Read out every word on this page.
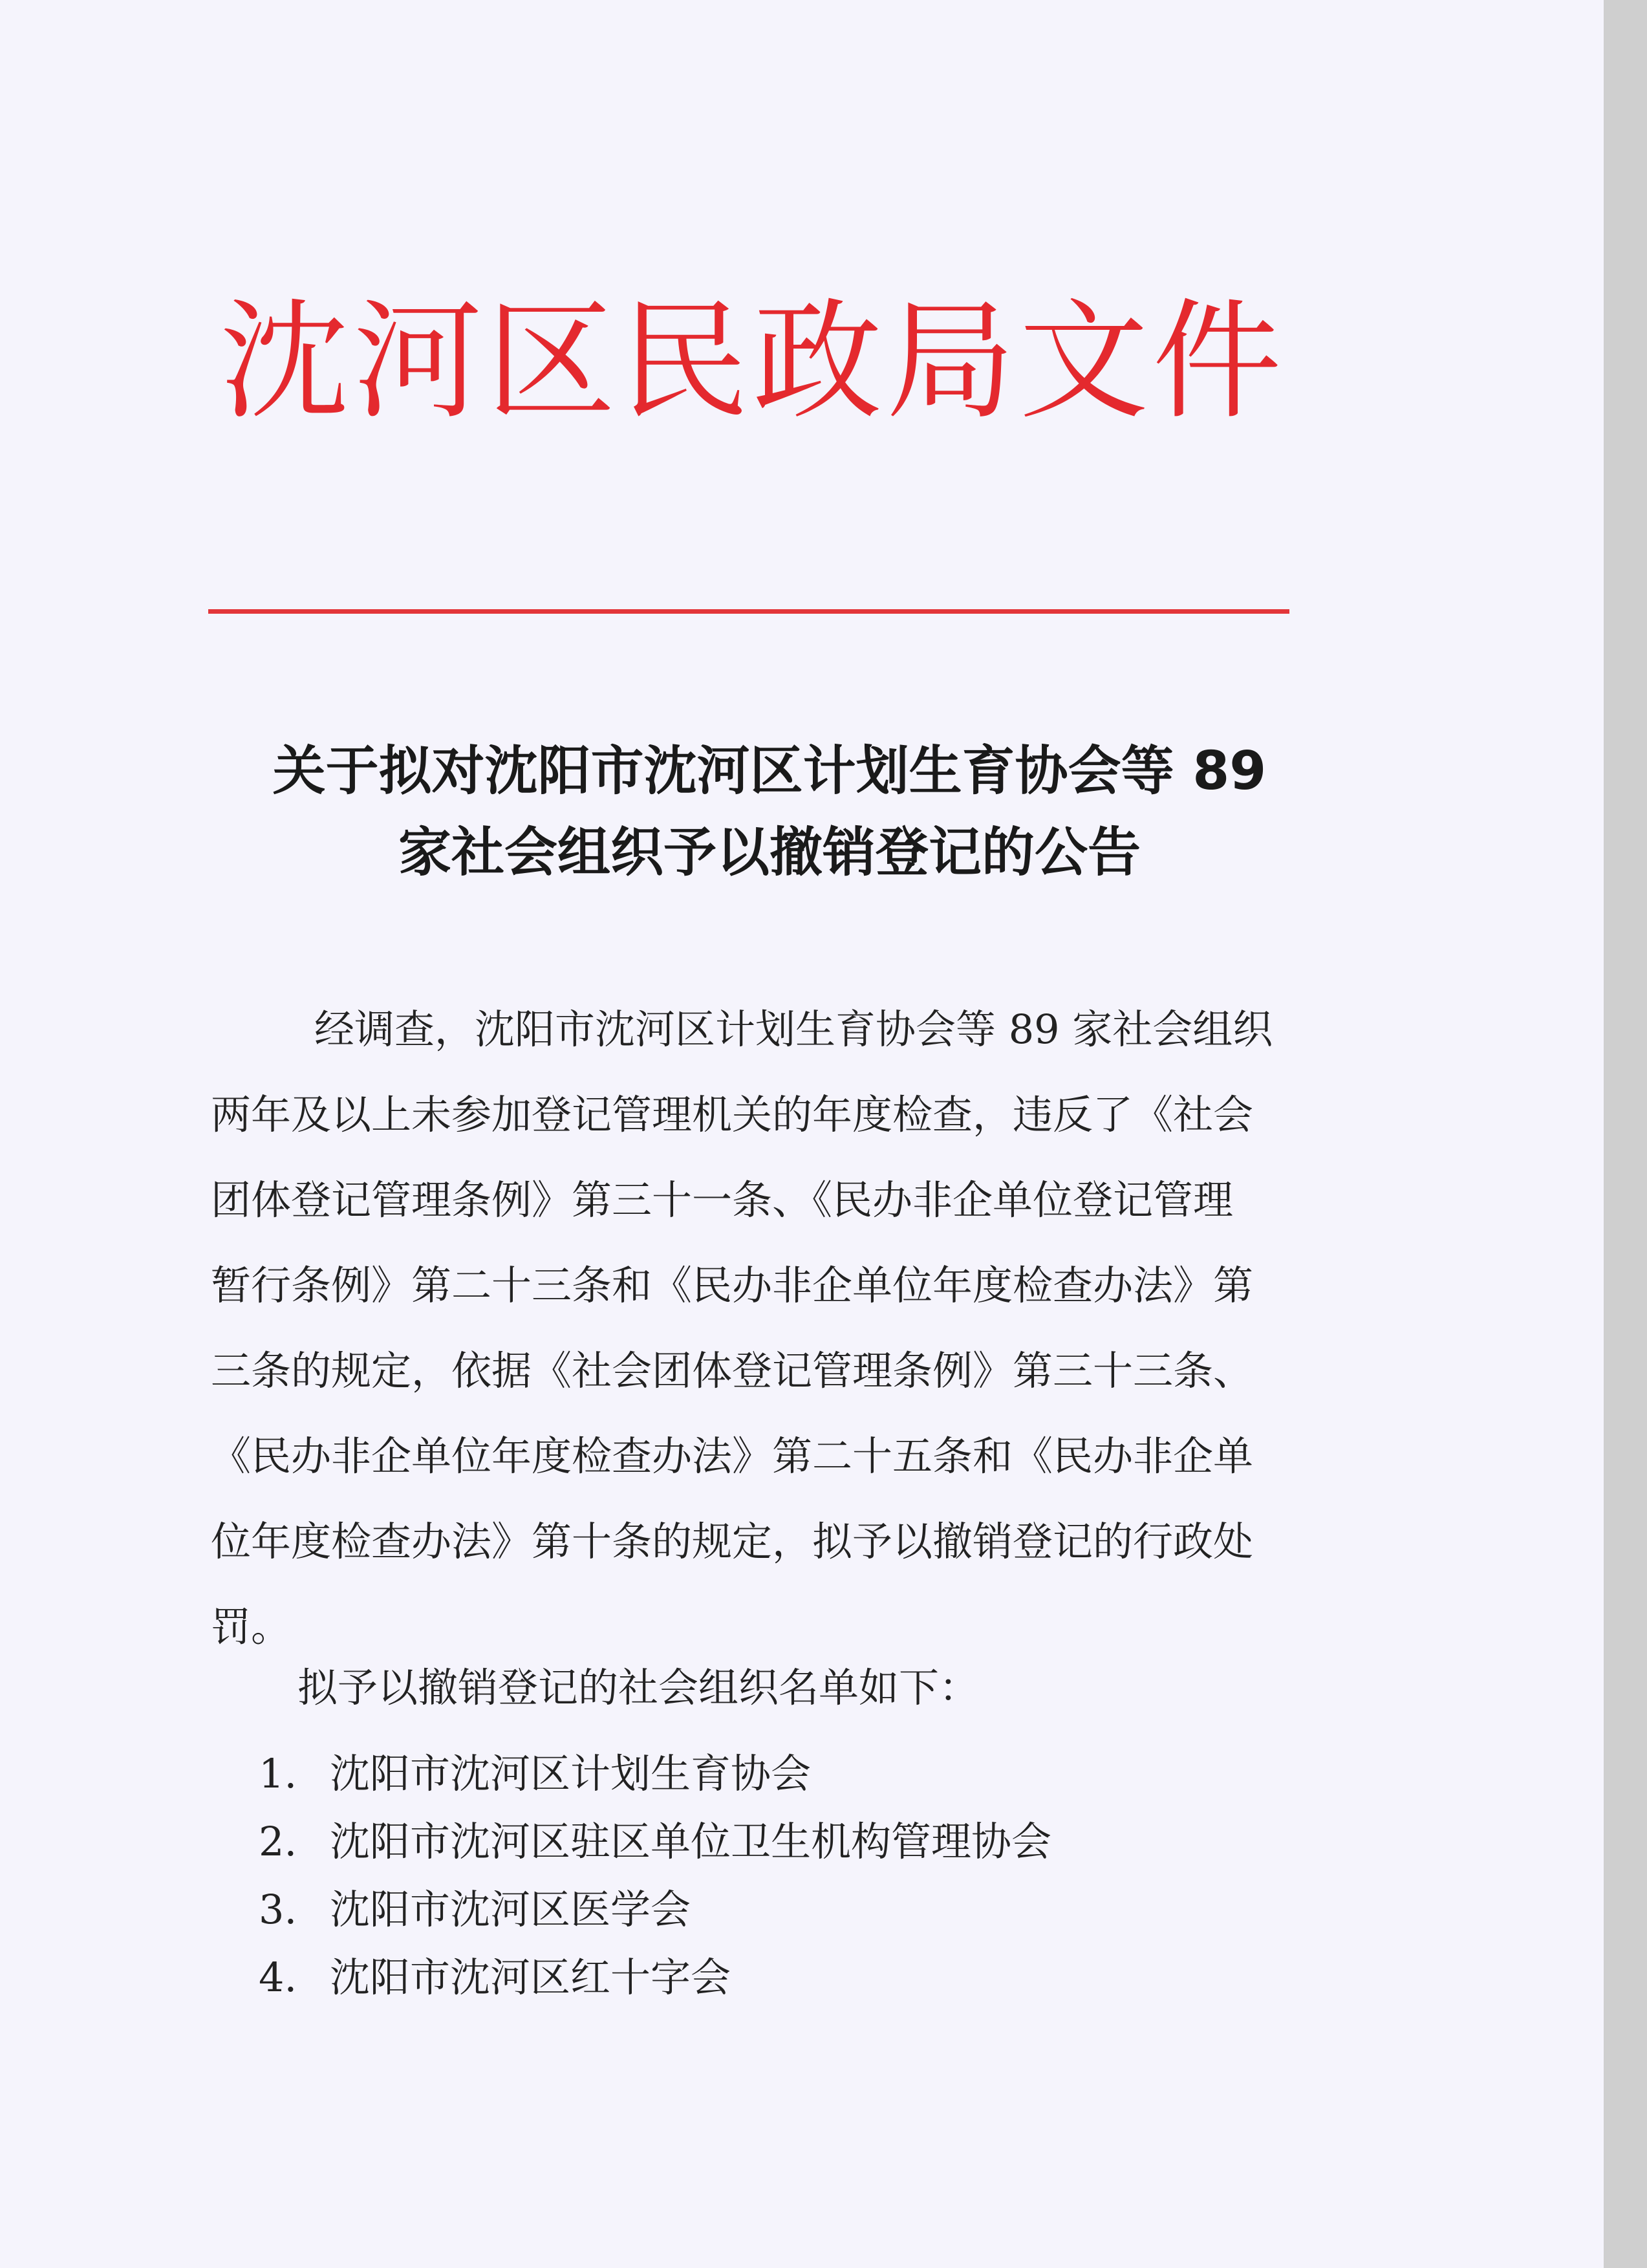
沈河区民政局文件
关于拟对沈阳市沈河区计划生育协会等 89
家社会组织予以撤销登记的公告
经调查，沈阳市沈河区计划生育协会等 89 家社会组织
两年及以上未参加登记管理机关的年度检查，违反了《社会
团体登记管理条例》第三十一条、《民办非企单位登记管理
暂行条例》第二十三条和《民办非企单位年度检查办法》第
三条的规定，依据《社会团体登记管理条例》第三十三条、
《民办非企单位年度检查办法》第二十五条和《民办非企单
位年度检查办法》第十条的规定，拟予以撤销登记的行政处
罚。
拟予以撤销登记的社会组织名单如下：
1. 沈阳市沈河区计划生育协会
2. 沈阳市沈河区驻区单位卫生机构管理协会
3. 沈阳市沈河区医学会
4. 沈阳市沈河区红十字会
